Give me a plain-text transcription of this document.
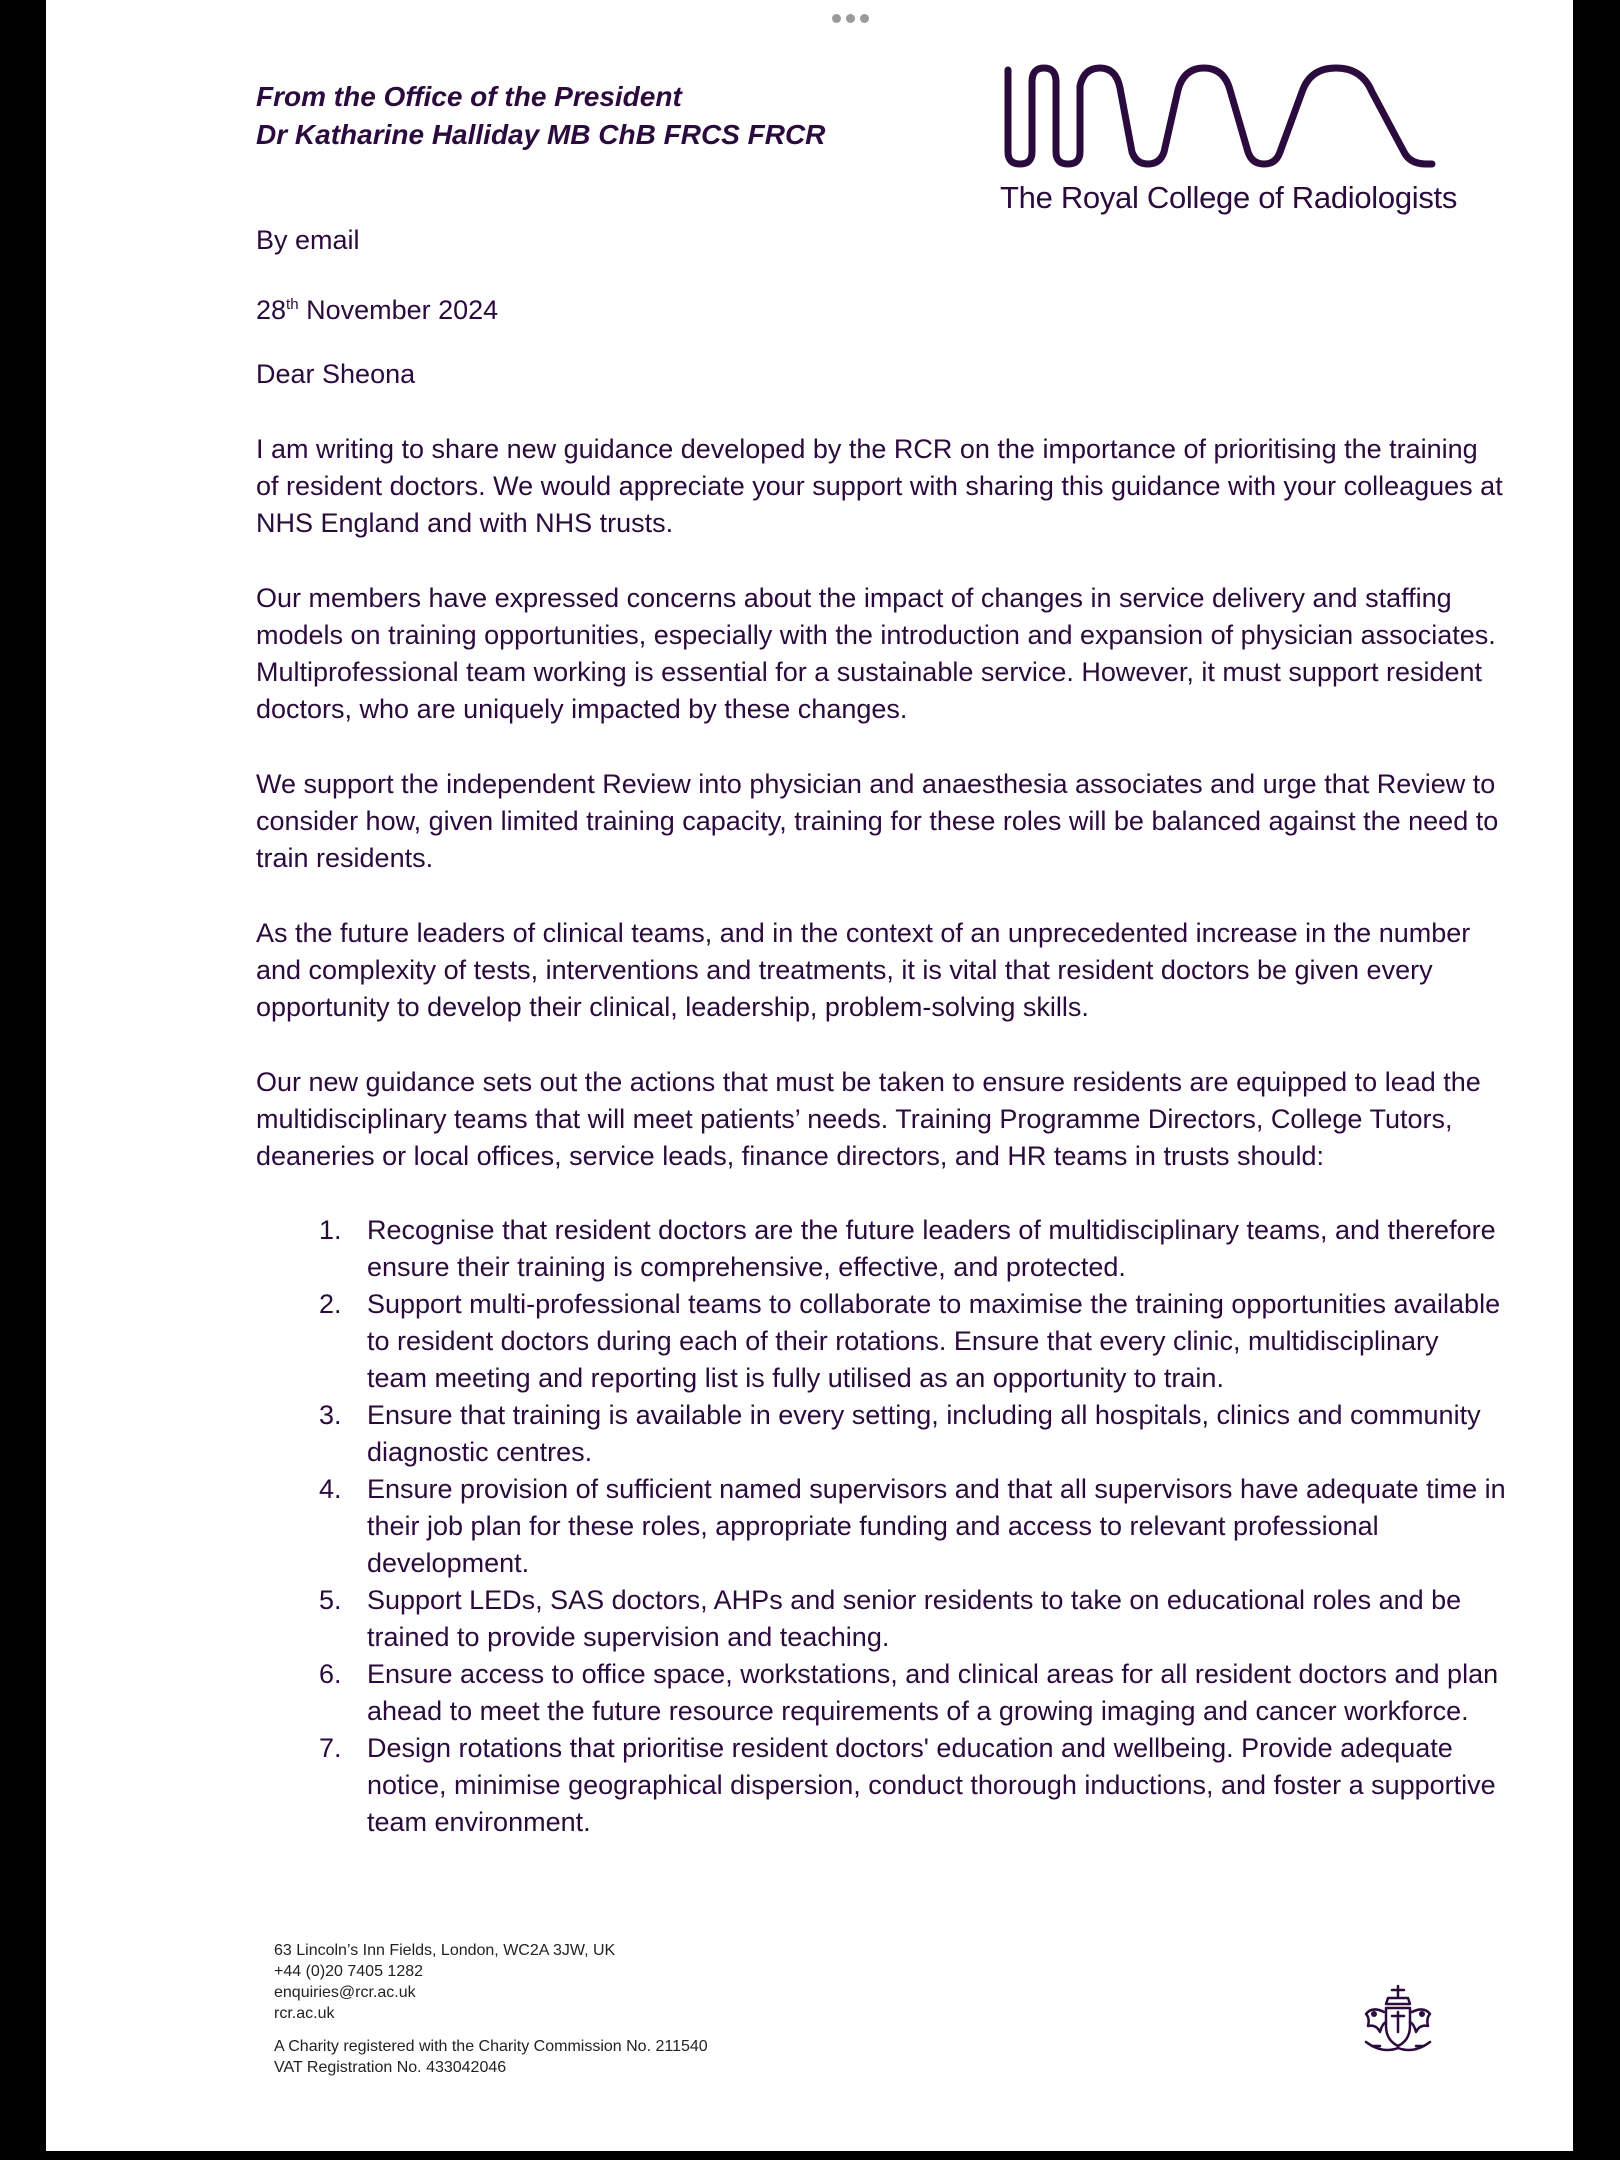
From the Office of the President
Dr Katharine Halliday MB ChB FRCS FRCR
The Royal College of Radiologists
By email
28th November 2024
Dear Sheona
I am writing to share new guidance developed by the RCR on the importance of prioritising the training of resident doctors. We would appreciate your support with sharing this guidance with your colleagues at NHS England and with NHS trusts.
Our members have expressed concerns about the impact of changes in service delivery and staffing models on training opportunities, especially with the introduction and expansion of physician associates. Multiprofessional team working is essential for a sustainable service. However, it must support resident doctors, who are uniquely impacted by these changes.
We support the independent Review into physician and anaesthesia associates and urge that Review to consider how, given limited training capacity, training for these roles will be balanced against the need to train residents.
As the future leaders of clinical teams, and in the context of an unprecedented increase in the number and complexity of tests, interventions and treatments, it is vital that resident doctors be given every opportunity to develop their clinical, leadership, problem-solving skills.
Our new guidance sets out the actions that must be taken to ensure residents are equipped to lead the multidisciplinary teams that will meet patients’ needs. Training Programme Directors, College Tutors, deaneries or local offices, service leads, finance directors, and HR teams in trusts should:
1. Recognise that resident doctors are the future leaders of multidisciplinary teams, and therefore ensure their training is comprehensive, effective, and protected.
2. Support multi-professional teams to collaborate to maximise the training opportunities available to resident doctors during each of their rotations. Ensure that every clinic, multidisciplinary team meeting and reporting list is fully utilised as an opportunity to train.
3. Ensure that training is available in every setting, including all hospitals, clinics and community diagnostic centres.
4. Ensure provision of sufficient named supervisors and that all supervisors have adequate time in their job plan for these roles, appropriate funding and access to relevant professional development.
5. Support LEDs, SAS doctors, AHPs and senior residents to take on educational roles and be trained to provide supervision and teaching.
6. Ensure access to office space, workstations, and clinical areas for all resident doctors and plan ahead to meet the future resource requirements of a growing imaging and cancer workforce.
7. Design rotations that prioritise resident doctors' education and wellbeing. Provide adequate notice, minimise geographical dispersion, conduct thorough inductions, and foster a supportive team environment.
63 Lincoln’s Inn Fields, London, WC2A 3JW, UK
+44 (0)20 7405 1282
enquiries@rcr.ac.uk
rcr.ac.uk
A Charity registered with the Charity Commission No. 211540
VAT Registration No. 433042046
